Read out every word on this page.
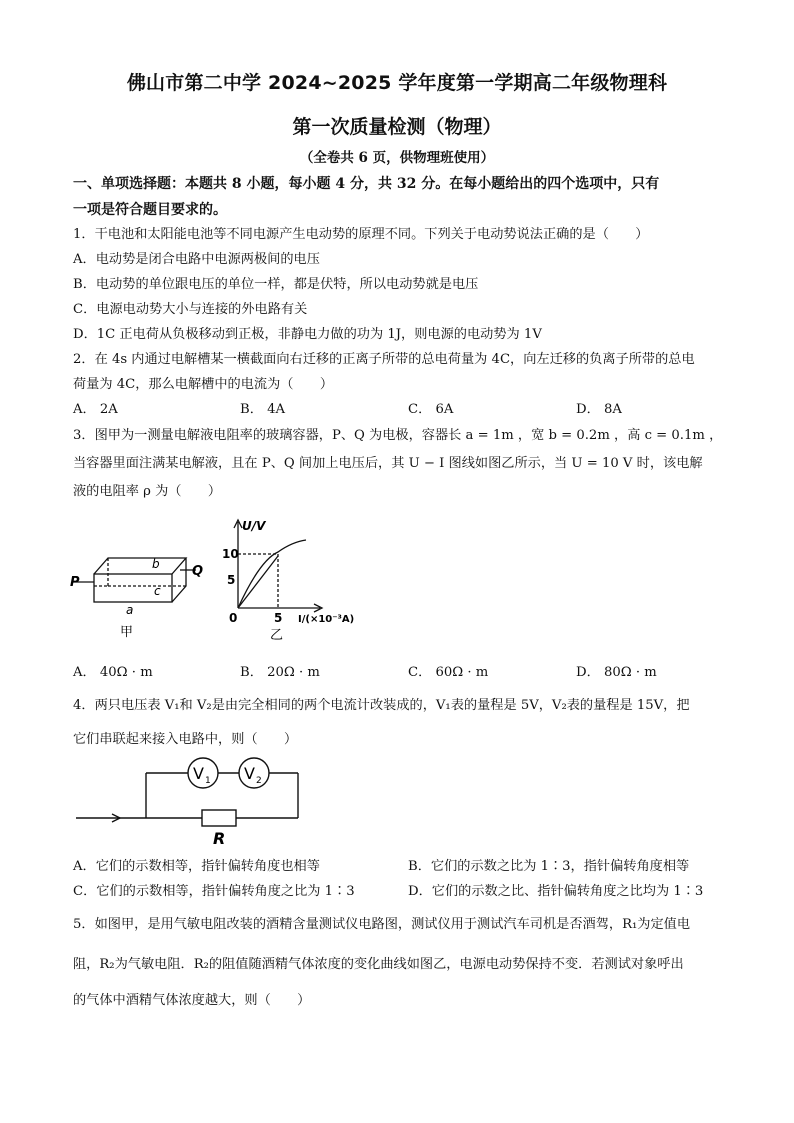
佛山市第二中学 2024~2025 学年度第一学期高二年级物理科
第一次质量检测（物理）
（全卷共 6 页，供物理班使用）
一、单项选择题：本题共 8 小题，每小题 4 分，共 32 分。在每小题给出的四个选项中，只有
一项是符合题目要求的。
1．干电池和太阳能电池等不同电源产生电动势的原理不同。下列关于电动势说法正确的是（　　）
A．电动势是闭合电路中电源两极间的电压
B．电动势的单位跟电压的单位一样，都是伏特，所以电动势就是电压
C．电源电动势大小与连接的外电路有关
D．1C 正电荷从负极移动到正极，非静电力做的功为 1J，则电源的电动势为 1V
2．在 4s 内通过电解槽某一横截面向右迁移的正离子所带的总电荷量为 4C，向左迁移的负离子所带的总电
荷量为 4C，那么电解槽中的电流为（　　）
A． 2A	B． 4A	C． 6A	D． 8A
3．图甲为一测量电解液电阻率的玻璃容器，P、Q 为电极，容器长 a = 1m ，宽 b = 0.2m ，高 c = 0.1m ，
当容器里面注满某电解液，且在 P、Q 间加上电压后，其 U − I 图线如图乙所示，当 U = 10 V 时，该电解
液的电阻率 ρ 为（　　）
P
Q
b
c
a
甲
U/V
10
5
0	5 I/(×10⁻³A)
乙
A． 40Ω · m	B． 20Ω · m	C． 60Ω · m	D． 80Ω · m
4．两只电压表 V₁和 V₂是由完全相同的两个电流计改装成的，V₁表的量程是 5V，V₂表的量程是 15V，把
它们串联起来接入电路中，则（　　）
V 1 V 2
R
A．它们的示数相等，指针偏转角度也相等	B．它们的示数之比为 1∶3，指针偏转角度相等
C．它们的示数相等，指针偏转角度之比为 1∶3	D．它们的示数之比、指针偏转角度之比均为 1∶3
5．如图甲，是用气敏电阻改装的酒精含量测试仪电路图，测试仪用于测试汽车司机是否酒驾，R₁为定值电
阻，R₂为气敏电阻．R₂的阻值随酒精气体浓度的变化曲线如图乙，电源电动势保持不变．若测试对象呼出
的气体中酒精气体浓度越大，则（　　）
